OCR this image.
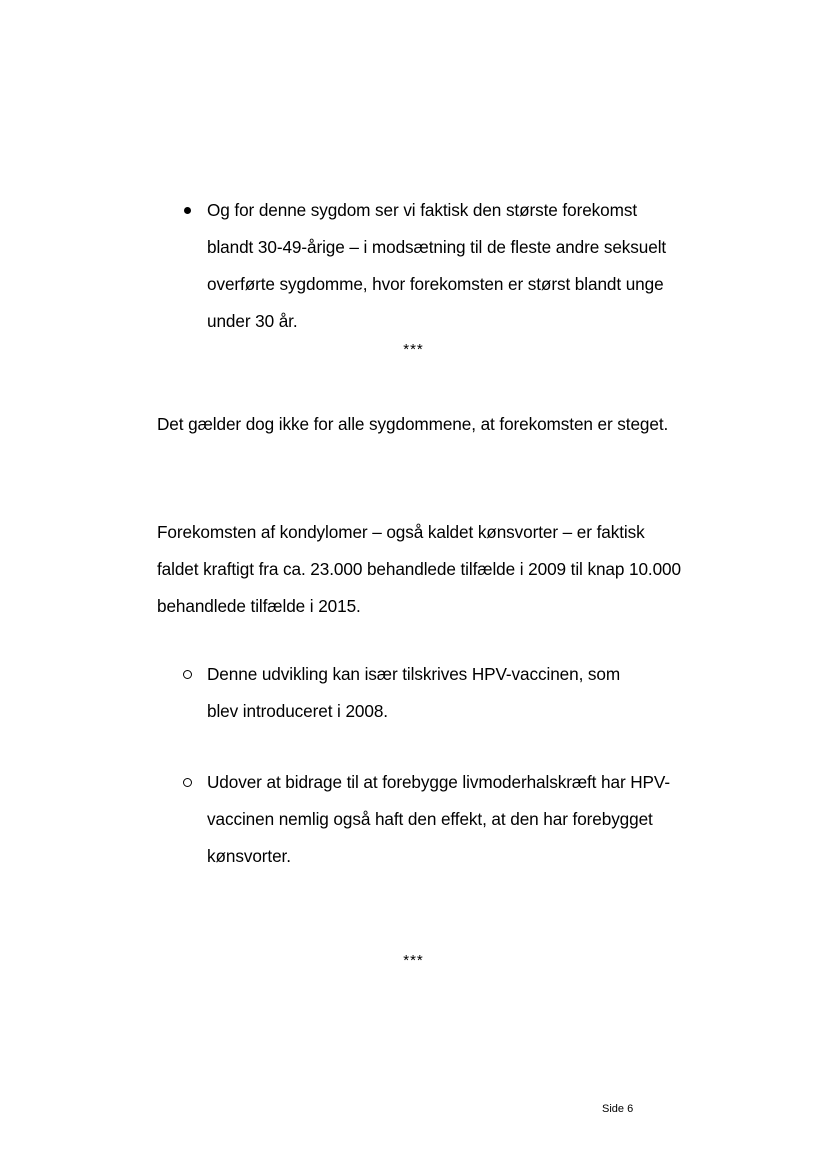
Og for denne sygdom ser vi faktisk den største forekomst blandt 30-49-årige – i modsætning til de fleste andre seksuelt overførte sygdomme, hvor forekomsten er størst blandt unge under 30 år.
***
Det gælder dog ikke for alle sygdommene, at forekomsten er steget.
Forekomsten af kondylomer – også kaldet kønsvorter – er faktisk faldet kraftigt fra ca. 23.000 behandlede tilfælde i 2009 til knap 10.000 behandlede tilfælde i 2015.
Denne udvikling kan især tilskrives HPV-vaccinen, som blev introduceret i 2008.
Udover at bidrage til at forebygge livmoderhalskræft har HPV-vaccinen nemlig også haft den effekt, at den har forebygget kønsvorter.
***
Side 6
